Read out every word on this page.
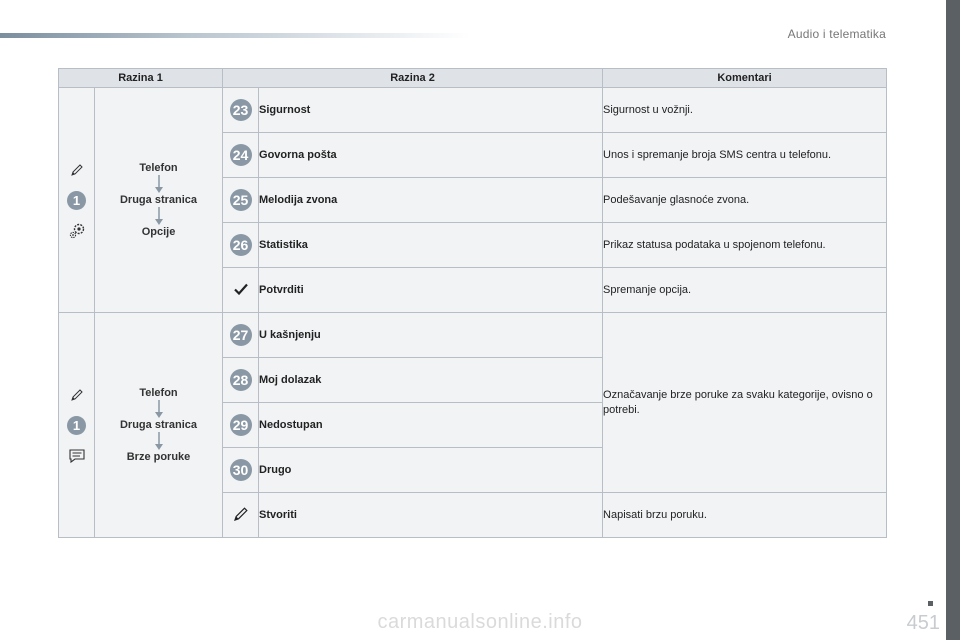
Audio i telematika
451
Razina 1		Razina 2		Komentari

1	Telefon
Druga stranica
Opcije	23	Sigurnost	Sigurnost u vožnji.
		24	Govorna pošta	Unos i spremanje broja SMS centra u telefonu.
		25	Melodija zvona	Podešavanje glasnoće zvona.
		26	Statistika	Prikaz statusa podataka u spojenom telefonu.
	Potvrditi	Spremanje opcija.

1	Telefon
Druga stranica
Brze poruke	27	U kašnjenju	Označavanje brze poruke za svaku kategorije, ovisno o potrebi.
		28	Moj dolazak	
		29	Nedostupan	
		30	Drugo	
	Stvoriti	Napisati brzu poruku.
carmanualsonline.info
